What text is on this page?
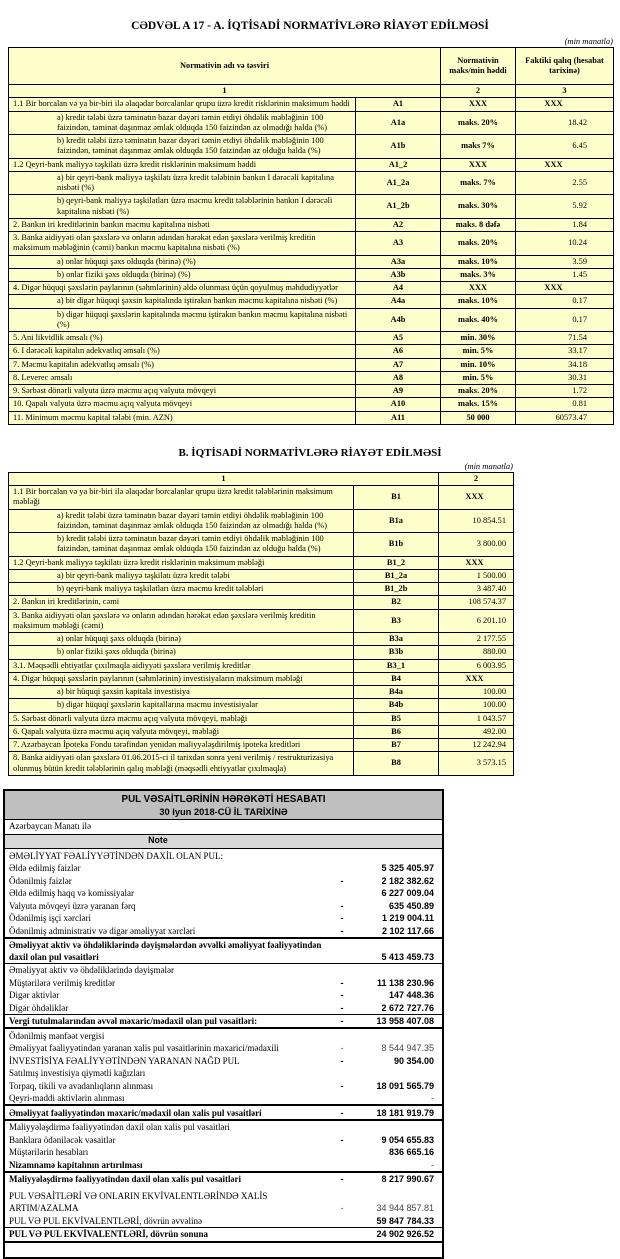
CƏDVƏL A 17 - A. İQTİSADİ NORMATİVLƏRƏ RİAYƏT EDİLMƏSİ
(min manatla)
Normativin adı və təsviri		Normativin maks/min həddi	Faktiki qalıq (hesabat tarixinə)
1		2	3
1.1 Bir borcalan və ya bir-biri ilə əlaqədar borcalanlar qrupu üzrə kredit risklərinin maksimum həddi	A1	XXX	XXX
a) kredit tələbi üzrə təminatın bazar dəyəri təmin etdiyi öhdəlik məbləğinin 100 faizindən, təminat daşınmaz əmlak olduqda 150 faizindən az olmadığı halda (%)	A1a	maks. 20%	18.42
b) kredit tələbi üzrə təminatın bazar dəyəri təmin etdiyi öhdəlik məbləğinin 100 faizindən, təminat daşınmaz əmlak olduqda 150 faizindən az olduğu halda (%)	A1b	maks 7%	6.45
1.2 Qeyri-bank maliyyə təşkilatı üzrə kredit risklərinin maksimum həddi	A1_2	XXX	XXX
a) bir qeyri-bank maliyyə təşkilatı üzrə kredit tələbinin bankın I dərəcəli kapitalına nisbəti (%)	A1_2a	maks. 7%	2.55
b) qeyri-bank maliyyə təşkilatları üzrə məcmu kredit tələblərinin bankın I dərəcəli kapitalına nisbəti (%)	A1_2b	maks. 30%	5.92
2. Bankın iri kreditlərinin bankın məcmu kapitalına nisbəti	A2	maks. 8 dəfə	1.84
3. Banka aidiyyəti olan şəxslərə və onların adından hərəkət edən şəxslərə verilmiş kreditin maksimum məbləğinin (cəmi) bankın məcmu kapitalına nisbəti (%)	A3	maks. 20%	10.24
a) onlar hüquqi şəxs olduqda (birinə) (%)	A3a	maks. 10%	3.59
b) onlar fiziki şəxs olduqda (birinə) (%)	A3b	maks. 3%	1.45
4. Digər hüquqi şəxslərin paylarının (səhmlərinin) əldə olunması üçün qoyulmuş məhdudiyyətlər	A4	XXX	XXX
a) bir digər hüquqi şəxsin kapitalında iştirakın bankın məcmu kapitalına nisbəti (%)	A4a	maks. 10%	0.17
b) digər hüquqi şəxslərin kapitalında məcmu iştirakın bankın məcmu kapitalına nisbəti (%)	A4b	maks. 40%	0.17
5. Ani likvidlik əmsalı (%)	A5	min. 30%	71.54
6. I dərəcəli kapitalın adekvatlıq əmsalı (%)	A6	min. 5%	33.17
7. Məcmu kapitalın adekvatlıq əmsalı (%)	A7	min. 10%	34.18
8. Leverec əmsalı	A8	min. 5%	30.31
9. Sərbəst dönərli valyuta üzrə məcmu açıq valyuta mövqeyi	A9	maks. 20%	1.72
10. Qapalı valyuta üzrə məcmu açıq valyuta mövqeyi	A10	maks. 15%	0.81
11. Minimum məcmu kapital tələbi (min. AZN)	A11	50 000	60573.47
B. İQTİSADİ NORMATİVLƏRƏ RİAYƏT EDİLMƏSİ
(min manatla)
1		2
1.1 Bir borcalan və ya bir-biri ilə əlaqədar borcalanlar qrupu üzrə kredit tələblərinin maksimum məbləği	B1	XXX
a) kredit tələbi üzrə təminatın bazar dəyəri təmin etdiyi öhdəlik məbləğinin 100 faizindən, təminat daşınmaz əmlak olduqda 150 faizindən az olmadığı halda (%)	B1a	10 854.51
b) kredit tələbi üzrə təminatın bazar dəyəri təmin etdiyi öhdəlik məbləğinin 100 faizindən, təminat daşınmaz əmlak olduqda 150 faizindən az olduğu halda (%)	B1b	3 800.00
1.2 Qeyri-bank maliyyə təşkilatı üzrə kredit risklərinin maksimum məbləği	B1_2	XXX
a) bir qeyri-bank maliyyə təşkilatı üzrə kredit tələbi	B1_2a	1 500.00
b) qeyri-bank maliyyə təşkilatları üzrə məcmu kredit tələbləri	B1_2b	3 487.40
2. Bankın iri kreditlərinin, cəmi	B2	108 574.37
3. Banka aidiyyəti olan şəxslərə və onların adından hərəkət edən şəxslərə verilmiş kreditin maksimum məbləği (cəmi)	B3	6 201.10
a) onlar hüquqi şəxs olduqda (birinə)	B3a	2 177.55
b) onlar fiziki şəxs olduqda (birinə)	B3b	880.00
3.1. Məqsədli ehtiyatlar çıxılmaqla aidiyyəti şəxslərə verilmiş kreditlər	B3_1	6 003.95
4. Digər hüquqi şəxslərin paylarının (səhmlərinin) investisiyaların maksimum məbləği	B4	XXX
a) bir hüquqi şəxsin kapitala investisiya	B4a	100.00
b) digər hüquqi şəxslərin kapitallarına məcmu investisiyalar	B4b	100.00
5. Sərbəst dönərli valyuta üzrə məcmu açıq valyuta mövqeyi, məbləği	B5	1 043.57
6. Qapalı valyuta üzrə məcmu açıq valyuta mövqeyi, məbləği	B6	492.00
7. Azərbaycan İpoteka Fondu tərəfindən yenidən maliyyələşdirilmiş ipoteka kreditləri	B7	12 242.94
8. Banka aidiyyəti olan şəxslərə 01.06.2015-ci il tarixdən sonra yeni verilmiş / restrukturizasiya olunmuş bütün kredit tələblərinin qalıq məbləği (məqsədli ehtiyyatlar çıxılmaqla)	B8	3 573.15
PUL VƏSAİTLƏRİNİN HƏRƏKƏTİ HESABATI
30 Iyun 2018-CÜ İL TARİXİNƏ
Azərbaycan Manatı ilə
Note
ƏMƏLİYYAT FƏALİYYƏTİNDƏN DAXİL OLAN PUL:
Əldə edilmiş faizlər	5 325 405.97
Ödənilmiş faizlər	-	2 182 382.62
Əldə edilmiş haqq və komissiyalar	6 227 009.04
Valyuta mövqeyi üzrə yaranan fərq	-	635 450.89
Ödənilmiş işçi xərcləri	-	1 219 004.11
Ödənilmiş administrativ və digər əməliyyat xərcləri	-	2 102 117.66
Əməliyyat aktiv və öhdəliklərində dəyişmələrdən əvvəlki əməliyyat fəaliyyətindən daxil olan pul vəsaitləri	5 413 459.73
Əməliyyat aktiv və öhdəliklərində dəyişmələr
Müştərilərə verilmiş kreditlər	-	11 138 230.96
Digər aktivlər	-	147 448.36
Digər öhdəliklər	-	2 672 727.76
Vergi tutulmalarından əvvəl məxaric/mədaxil olan pul vəsaitləri:	-	13 958 407.08
Ödənilmiş mənfəət vergisi
Əməliyyat fəaliyyətindən yaranan xalis pul vəsaitlərinin məxarici/mədaxili	-	8 544 947.35
İNVESTİSİYA FƏALİYYƏTİNDƏN YARANAN NAĞD PUL	-	90 354.00
Satılmış investisiya qiymətli kağızları
Torpaq, tikili və avadanlıqların alınması	-	18 091 565.79
Qeyri-maddi aktivlərin alınması	-
Əməliyyat fəaliyyətindən məxaric/mədaxil olan xalis pul vəsaitləri	-	18 181 919.79
Maliyyələşdirmə fəaliyyətindən daxil olan xalis pul vəsaitləri
Banklara ödəniləcək vəsaitlər	-	9 054 655.83
Müştərilərin hesabları	836 665.16
Nizamnamə kapitalının artırılması	-
Maliyyələşdirmə fəaliyyətindən daxil olan xalis pul vəsaitləri	-	8 217 990.67
PUL VƏSAİTLƏRİ VƏ ONLARIN EKVİVALENTLƏRİNDƏ XALİS ARTIM/AZALMA	-	34 944 857.81
PUL VƏ PUL EKVİVALENTLƏRİ, dövrün əvvəlinə	59 847 784.33
PUL VƏ PUL EKVİVALENTLƏRİ, dövrün sonuna	24 902 926.52
